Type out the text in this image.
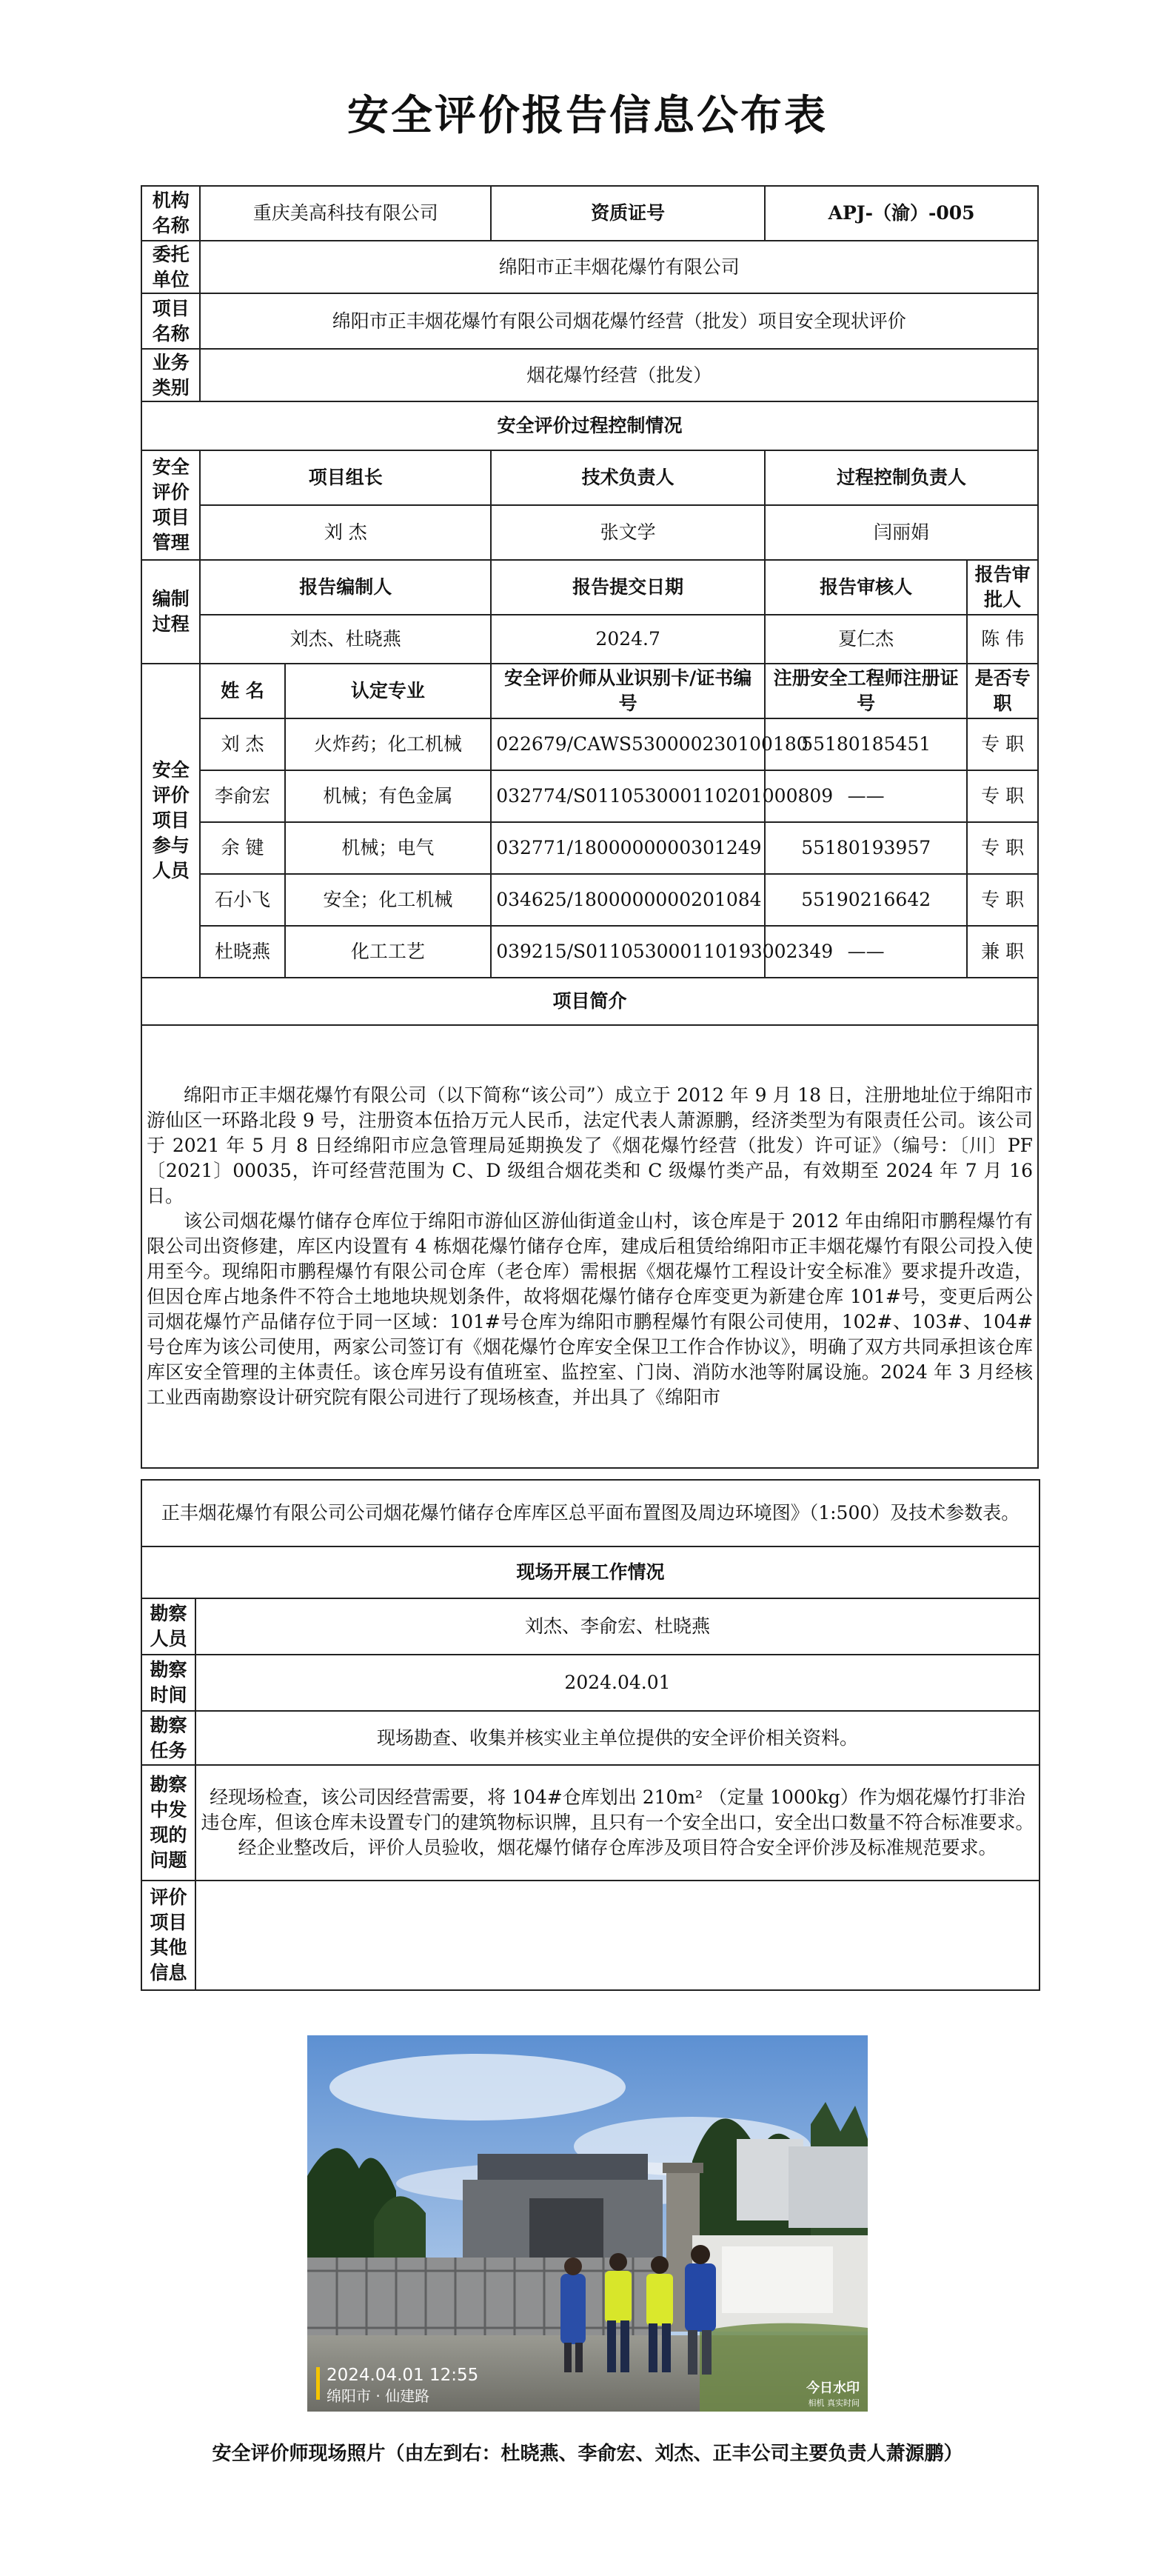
安全评价报告信息公布表
机构名称	重庆美高科技有限公司		资质证号	APJ-（渝）-005	
委托单位	绵阳市正丰烟花爆竹有限公司				
项目名称	绵阳市正丰烟花爆竹有限公司烟花爆竹经营（批发）项目安全现状评价				
业务类别	烟花爆竹经营（批发）				
安全评价过程控制情况					
安全评价项目管理	项目组长		技术负责人	过程控制负责人	
	刘 杰		张文学	闫丽娟	
编制过程	报告编制人		报告提交日期	报告审核人	报告审批人
	刘杰、杜晓燕		2024.7	夏仁杰	陈 伟
安全评价项目参与人员	姓 名	认定专业	安全评价师从业识别卡/证书编号	注册安全工程师注册证号	是否专职
	刘 杰	火炸药；化工机械	022679/CAWS530000230100180	55180185451	专 职
	李俞宏	机械；有色金属	032774/S011053000110201000809	——	专 职
	余 键	机械；电气	032771/1800000000301249	55180193957	专 职
	石小飞	安全；化工机械	034625/1800000000201084	55190216642	专 职
	杜晓燕	化工工艺	039215/S011053000110193002349	——	兼 职
项目简介					

绵阳市正丰烟花爆竹有限公司（以下简称“该公司”）成立于 2012 年 9 月 18 日，注册地址位于绵阳市游仙区一环路北段 9 号，注册资本伍拾万元人民币，法定代表人萧源鹏，经济类型为有限责任公司。该公司于 2021 年 5 月 8 日经绵阳市应急管理局延期换发了《烟花爆竹经营（批发）许可证》（编号：〔川〕PF〔2021〕00035，许可经营范围为 C、D 级组合烟花类和 C 级爆竹类产品，有效期至 2024 年 7 月 16 日。

该公司烟花爆竹储存仓库位于绵阳市游仙区游仙街道金山村，该仓库是于 2012 年由绵阳市鹏程爆竹有限公司出资修建，库区内设置有 4 栋烟花爆竹储存仓库，建成后租赁给绵阳市正丰烟花爆竹有限公司投入使用至今。现绵阳市鹏程爆竹有限公司仓库（老仓库）需根据《烟花爆竹工程设计安全标准》要求提升改造，但因仓库占地条件不符合土地地块规划条件，故将烟花爆竹储存仓库变更为新建仓库 101#号，变更后两公司烟花爆竹产品储存位于同一区域：101#号仓库为绵阳市鹏程爆竹有限公司使用，102#、103#、104#号仓库为该公司使用，两家公司签订有《烟花爆竹仓库安全保卫工作合作协议》，明确了双方共同承担该仓库库区安全管理的主体责任。该仓库另设有值班室、监控室、门岗、消防水池等附属设施。2024 年 3 月经核工业西南勘察设计研究院有限公司进行了现场核查，并出具了《绵阳市					

正丰烟花爆竹有限公司公司烟花爆竹储存仓库库区总平面布置图及周边环境图》（1:500）及技术参数表。	
现场开展工作情况	
勘察人员	刘杰、李俞宏、杜晓燕
勘察时间	2024.04.01
勘察任务	现场勘查、收集并核实业主单位提供的安全评价相关资料。
勘察中发现的问题	经现场检查，该公司因经营需要，将 104#仓库划出 210m² （定量 1000kg）作为烟花爆竹打非治违仓库，但该仓库未设置专门的建筑物标识牌，且只有一个安全出口，安全出口数量不符合标准要求。经企业整改后，评价人员验收，烟花爆竹储存仓库涉及项目符合安全评价涉及标准规范要求。
评价项目其他信息	
2024.04.01 12:55
绵阳市 · 仙建路	今日水印
相机 真实时间
安全评价师现场照片（由左到右：杜晓燕、李俞宏、刘杰、正丰公司主要负责人萧源鹏）
